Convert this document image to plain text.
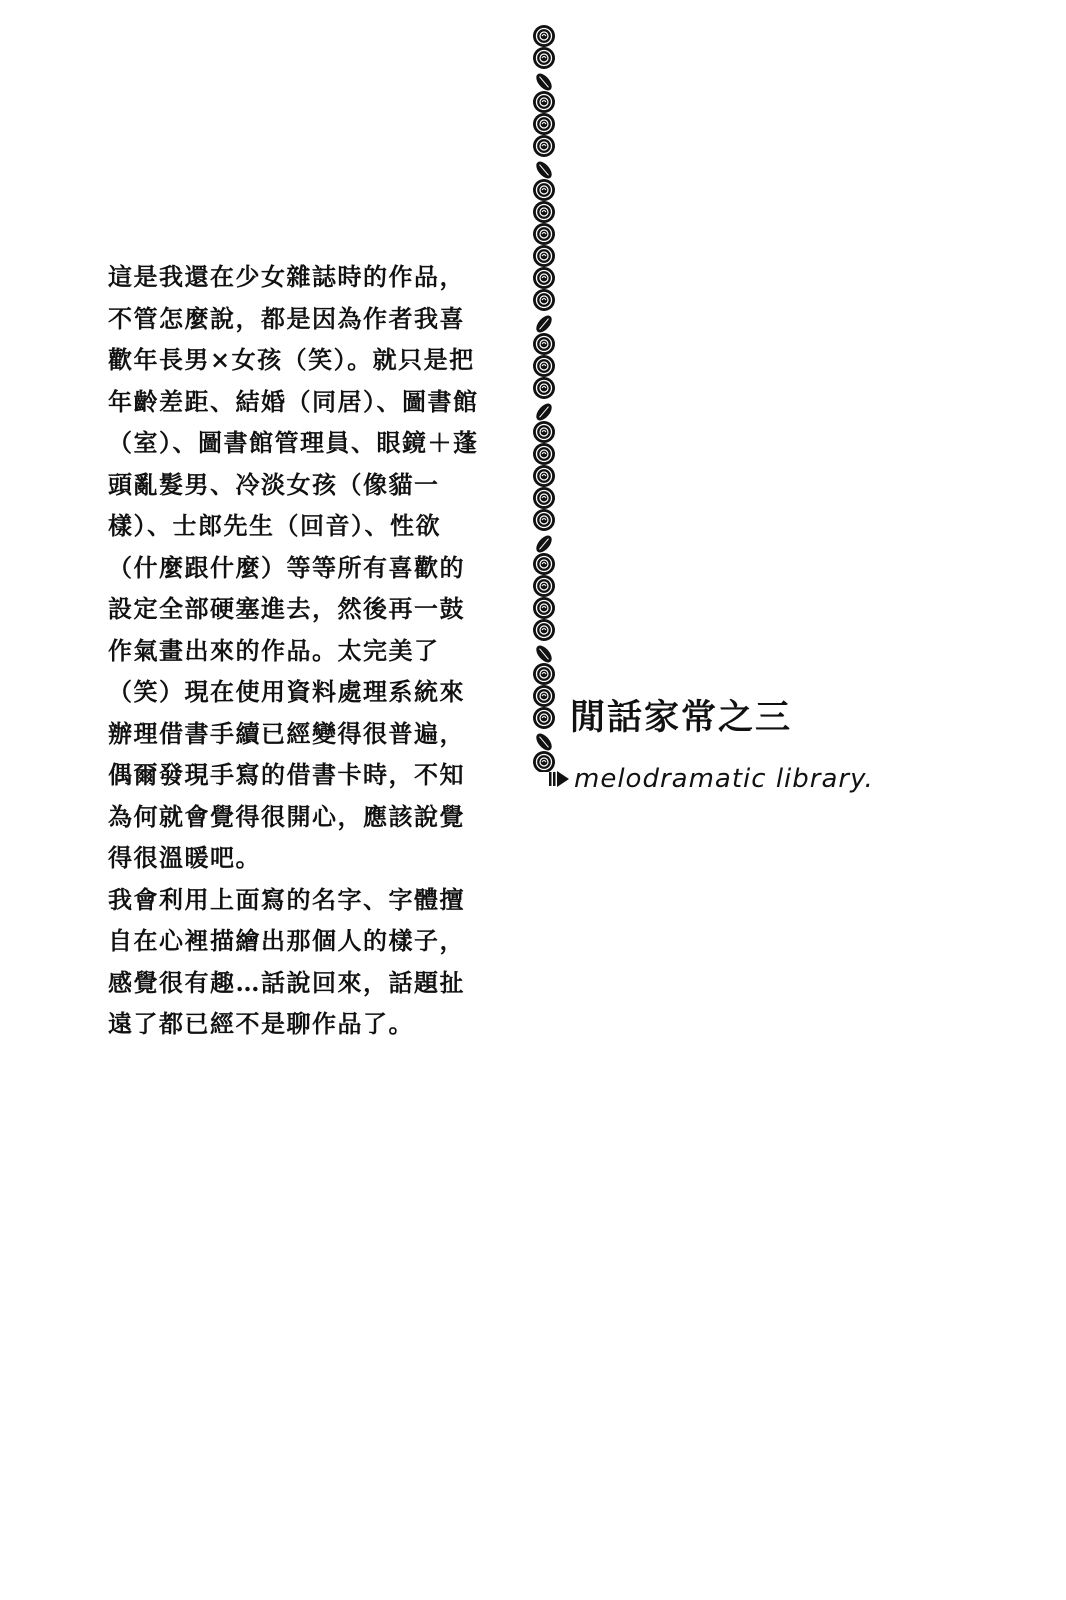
這是我還在少女雜誌時的作品，不管怎麼說，都是因為作者我喜歡年長男×女孩（笑）。就只是把年齡差距、結婚（同居）、圖書館（室）、圖書館管理員、眼鏡＋蓬頭亂髮男、冷淡女孩（像貓一樣）、士郎先生（回音）、性欲（什麼跟什麼）等等所有喜歡的設定全部硬塞進去，然後再一鼓作氣畫出來的作品。太完美了（笑）現在使用資料處理系統來辦理借書手續已經變得很普遍，偶爾發現手寫的借書卡時，不知為何就會覺得很開心，應該說覺得很溫暖吧。

我會利用上面寫的名字、字體擅自在心裡描繪出那個人的樣子，感覺很有趣…話說回來，話題扯遠了都已經不是聊作品了。

閒話家常之三
melodramatic library.
